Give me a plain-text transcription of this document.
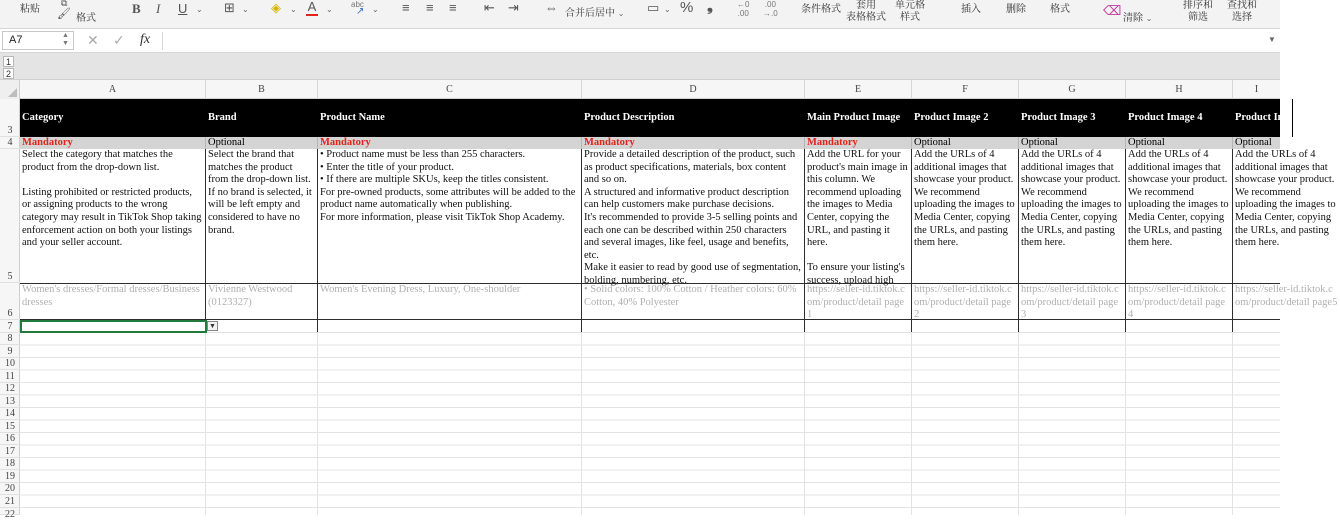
粘贴 🖌 格式
⧉	B I U ⌄ ⊞ ⌄ ◈ ⌄ A ⌄
abc
↗ ⌄ ≡ ≡ ≡ ⇤ ⇥ ⇔ 合并后居中 ⌄ ▭ ⌄ % ❟	←0
.00
.00
→.0 条件格式	套用
表格格式
单元格
样式
插入	删除 格式	⌫
清除 ⌄
排序和
筛选
查找和
选择
A7	▲
▼ ✕ ✓ fx	▼
1
2
A	B	C	D	E	F	G	H	I
3
4
5
6
7
8
9
10
11
12
13
14
15
16
17
18
19
20
21
22
Category	Brand	Product Name	Product Description	Main Product Image	Product Image 2	Product Image 3	Product Image 4	Product Im
Mandatory	Optional	Mandatory	Mandatory	Mandatory	Optional	Optional	Optional	Optional
Select the category that matches the product from the drop-down list.

Listing prohibited or restricted products, or assigning products to the wrong category may result in TikTok Shop taking enforcement action on both your listings and your seller account.
Select the brand that matches the product from the drop-down list.
If no brand is selected, it will be left empty and considered to have no brand.
• Product name must be less than 255 characters.
• Enter the title of your product.
• If there are multiple SKUs, keep the titles consistent.
For pre-owned products, some attributes will be added to the product name automatically when publishing.
For more information, please visit TikTok Shop Academy.
Provide a detailed description of the product, such as product specifications, materials, box content and so on.
A structured and informative product description can help customers make purchase decisions.
It's recommended to provide 3-5 selling points and each one can be described within 250 characters and several images, like feel, usage and benefits, etc.
Make it easier to read by good use of segmentation, bolding, numbering, etc.
Add the URL for your product's main image in this column. We recommend uploading the images to Media Center, copying the URL, and pasting it here.

To ensure your listing's success, upload high
Add the URLs of 4 additional images that showcase your product. We recommend uploading the images to Media Center, copying the URLs, and pasting them here.
Add the URLs of 4 additional images that showcase your product. We recommend uploading the images to Media Center, copying the URLs, and pasting them here.
Add the URLs of 4 additional images that showcase your product. We recommend uploading the images to Media Center, copying the URLs, and pasting them here.
Add the URLs of 4 additional images that showcase your product. We recommend uploading the images to Media Center, copying the URLs, and pasting them here.
Women's dresses/Formal dresses/Business dresses
Vivienne Westwood (0123327)
Women's Evening Dress, Luxury, One-shoulder	• Solid colors: 100% Cotton / Heather colors: 60% Cotton, 40% Polyester
https://seller-id.tiktok.com/product/detail page1
https://seller-id.tiktok.com/product/detail page2
https://seller-id.tiktok.com/product/detail page3
https://seller-id.tiktok.com/product/detail page4
https://seller-id.tiktok.com/product/detail page5
▼
